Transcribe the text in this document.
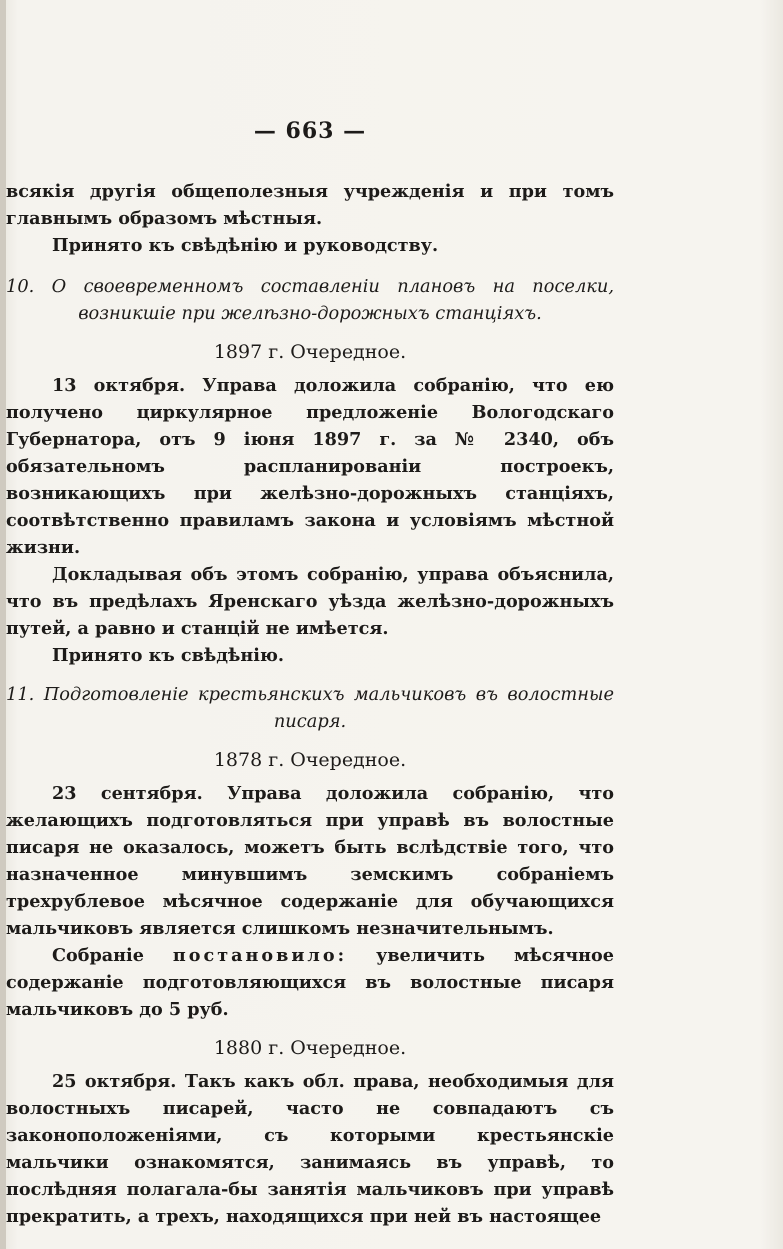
— 663 —

всякія другія общеполезныя учрежденія и при томъ главнымъ образомъ мѣстныя.

Принято къ свѣдѣнію и руководству.

10. О своевременномъ составленіи плановъ на поселки, возникшіе при желѣзно-дорожныхъ станціяхъ.
1897 г. Очередное.

13 октября. Управа доложила собранію, что ею получено циркулярное предложеніе Вологодскаго Губернатора, отъ 9 іюня 1897 г. за № 2340, объ обязательномъ распланированіи построекъ, возникающихъ при желѣзно-дорожныхъ станціяхъ, соотвѣтственно правиламъ закона и условіямъ мѣстной жизни.

Докладывая объ этомъ собранію, управа объяснила, что въ предѣлахъ Яренскаго уѣзда желѣзно-дорожныхъ путей, а равно и станцій не имѣется.

Принято къ свѣдѣнію.

11. Подготовленіе крестьянскихъ мальчиковъ въ волостные писаря.
1878 г. Очередное.

23 сентября. Управа доложила собранію, что желающихъ подготовляться при управѣ въ волостные писаря не оказалось, можетъ быть вслѣдствіе того, что назначенное минувшимъ земскимъ собраніемъ трехрублевое мѣсячное содержаніе для обучающихся мальчиковъ является слишкомъ незначительнымъ.

Собраніе постановило: увеличить мѣсячное содержаніе подготовляющихся въ волостные писаря мальчиковъ до 5 руб.

1880 г. Очередное.

25 октября. Такъ какъ обл. права, необходимыя для волостныхъ писарей, часто не совпадаютъ съ законоположеніями, съ которыми крестьянскіе мальчики ознакомятся, занимаясь въ управѣ, то послѣдняя полагала-бы занятія мальчиковъ при управѣ прекратить, а трехъ, находящихся при ней въ настоящее
